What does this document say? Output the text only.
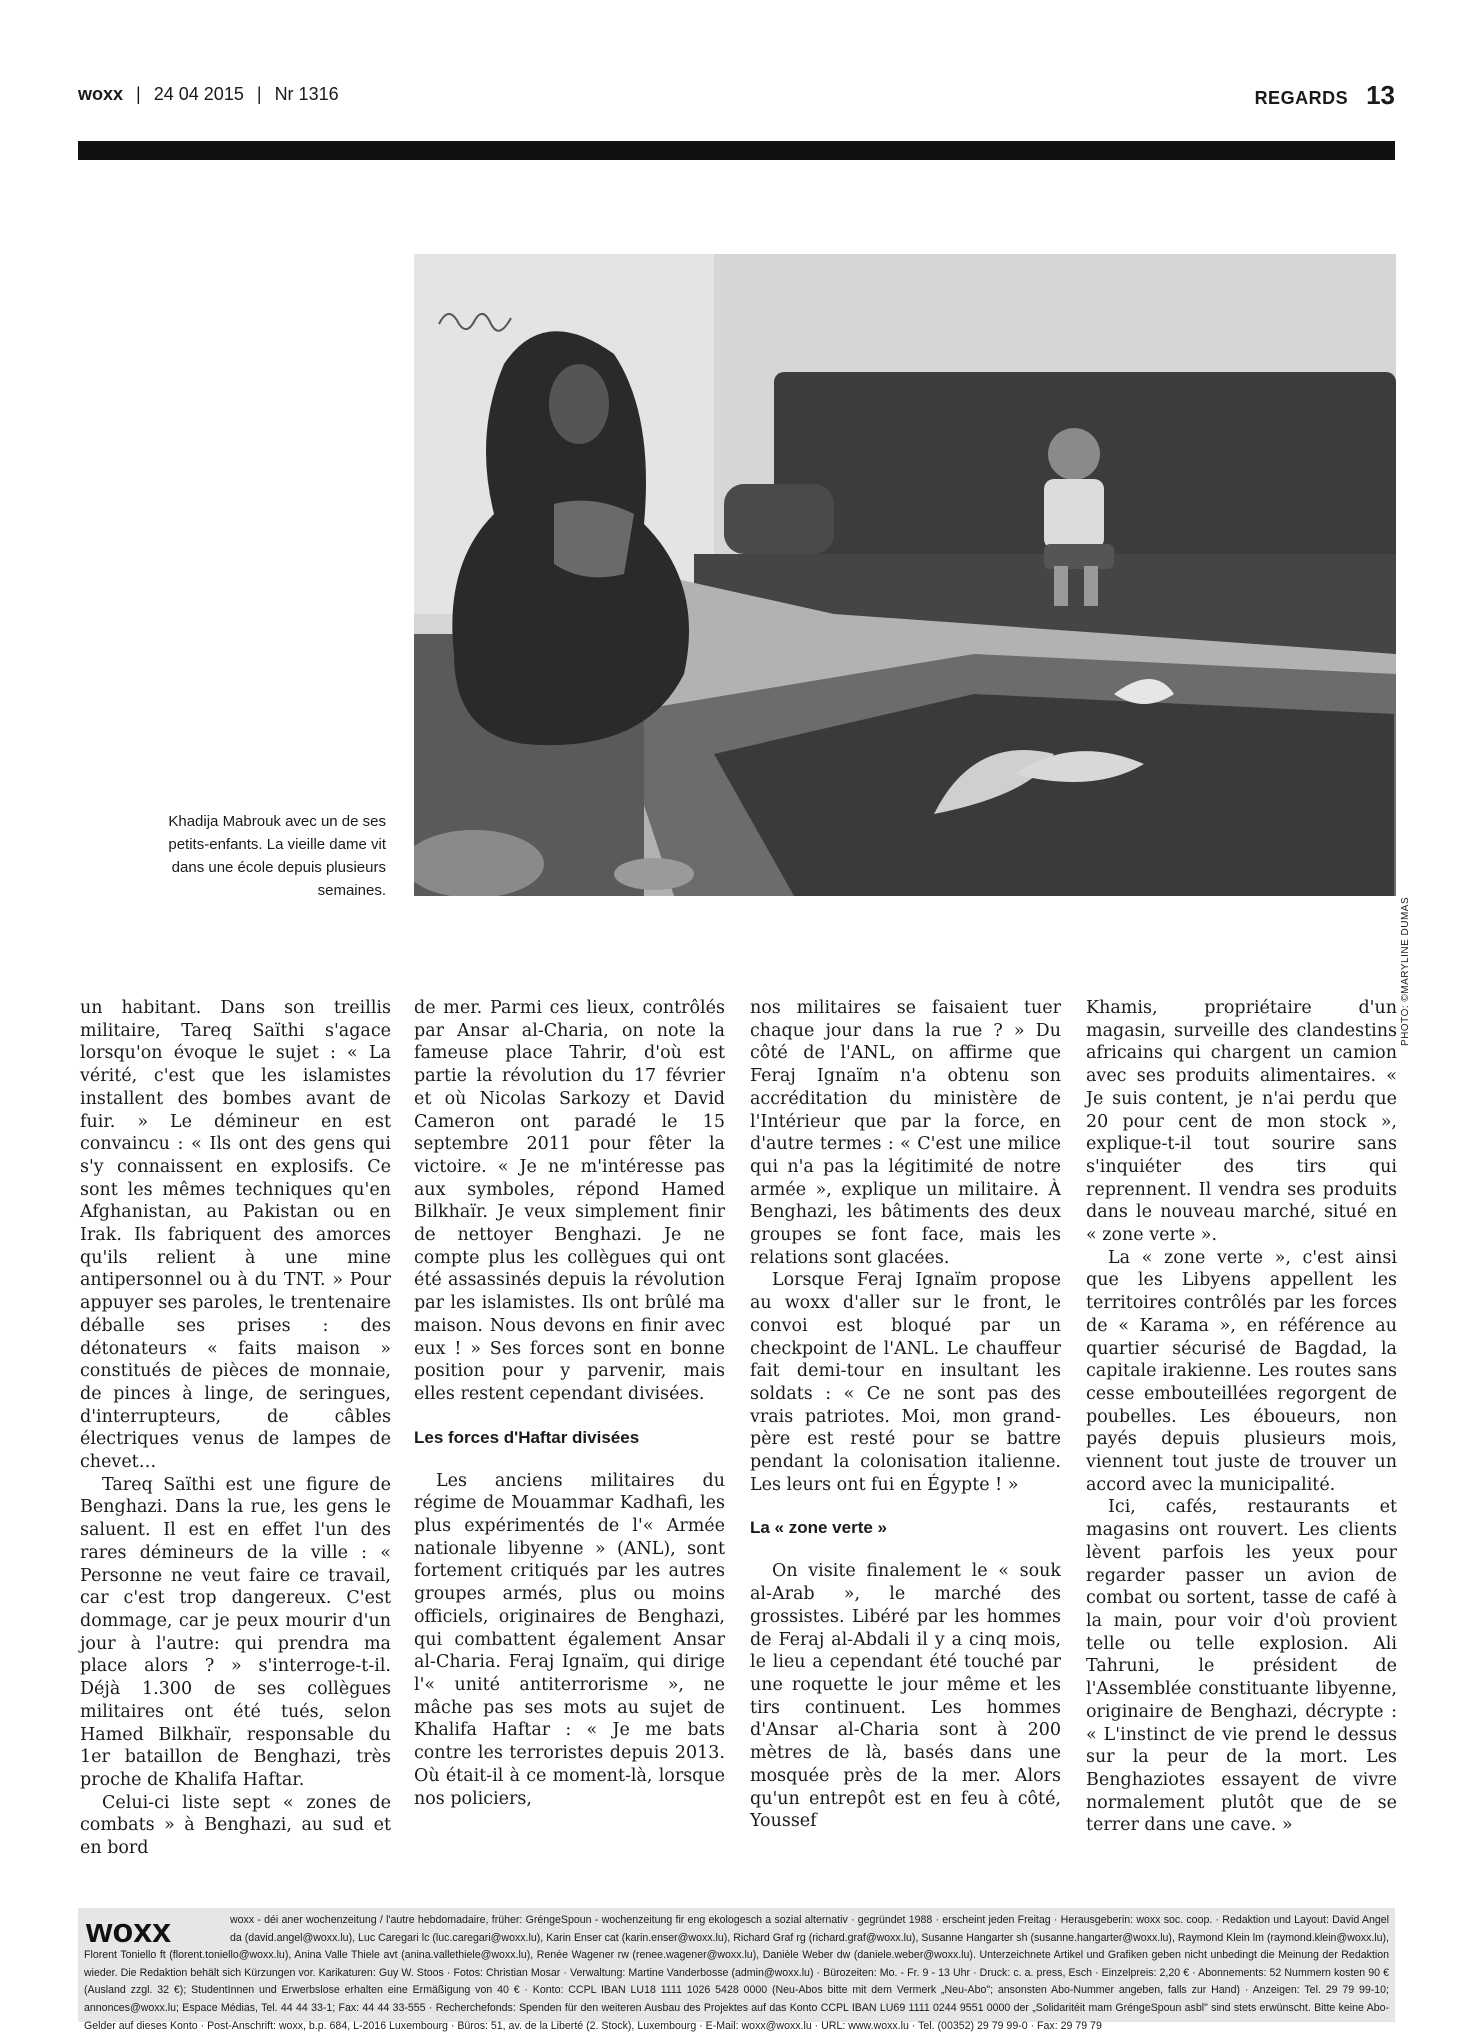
woxx | 24 04 2015 | Nr 1316	REGARDS 13
PHOTO: ©MARYLINE DUMAS
Khadija Mabrouk avec un de ses petits-enfants. La vieille dame vit dans une école depuis plusieurs semaines.

un habitant. Dans son treillis militaire, Tareq Saïthi s'agace lorsqu'on évoque le sujet : « La vérité, c'est que les islamistes installent des bombes avant de fuir. » Le démineur en est convaincu : « Ils ont des gens qui s'y connaissent en explosifs. Ce sont les mêmes techniques qu'en Afghanistan, au Pakistan ou en Irak. Ils fabriquent des amorces qu'ils relient à une mine antipersonnel ou à du TNT. » Pour appuyer ses paroles, le trentenaire déballe ses prises : des détonateurs « faits maison » constitués de pièces de monnaie, de pinces à linge, de seringues, d'interrupteurs, de câbles électriques venus de lampes de chevet…

Tareq Saïthi est une figure de Benghazi. Dans la rue, les gens le saluent. Il est en effet l'un des rares démineurs de la ville : « Personne ne veut faire ce travail, car c'est trop dangereux. C'est dommage, car je peux mourir d'un jour à l'autre: qui prendra ma place alors ? » s'interroge-t-il. Déjà 1.300 de ses collègues militaires ont été tués, selon Hamed Bilkhaïr, responsable du 1er bataillon de Benghazi, très proche de Khalifa Haftar.

Celui-ci liste sept « zones de combats » à Benghazi, au sud et en bord

de mer. Parmi ces lieux, contrôlés par Ansar al-Charia, on note la fameuse place Tahrir, d'où est partie la révolution du 17 février et où Nicolas Sarkozy et David Cameron ont paradé le 15 septembre 2011 pour fêter la victoire. « Je ne m'intéresse pas aux symboles, répond Hamed Bilkhaïr. Je veux simplement finir de nettoyer Benghazi. Je ne compte plus les collègues qui ont été assassinés depuis la révolution par les islamistes. Ils ont brûlé ma maison. Nous devons en finir avec eux ! » Ses forces sont en bonne position pour y parvenir, mais elles restent cependant divisées.

Les forces d'Haftar divisées

Les anciens militaires du régime de Mouammar Kadhafi, les plus expérimentés de l'« Armée nationale libyenne » (ANL), sont fortement critiqués par les autres groupes armés, plus ou moins officiels, originaires de Benghazi, qui combattent également Ansar al-Charia. Feraj Ignaïm, qui dirige l'« unité antiterrorisme », ne mâche pas ses mots au sujet de Khalifa Haftar : « Je me bats contre les terroristes depuis 2013. Où était-il à ce moment-là, lorsque nos policiers,

nos militaires se faisaient tuer chaque jour dans la rue ? » Du côté de l'ANL, on affirme que Feraj Ignaïm n'a obtenu son accréditation du ministère de l'Intérieur que par la force, en d'autre termes : « C'est une milice qui n'a pas la légitimité de notre armée », explique un militaire. À Benghazi, les bâtiments des deux groupes se font face, mais les relations sont glacées.

Lorsque Feraj Ignaïm propose au woxx d'aller sur le front, le convoi est bloqué par un checkpoint de l'ANL. Le chauffeur fait demi-tour en insultant les soldats : « Ce ne sont pas des vrais patriotes. Moi, mon grand-père est resté pour se battre pendant la colonisation italienne. Les leurs ont fui en Égypte ! »

La « zone verte »

On visite finalement le « souk al-Arab », le marché des grossistes. Libéré par les hommes de Feraj al-Abdali il y a cinq mois, le lieu a cependant été touché par une roquette le jour même et les tirs continuent. Les hommes d'Ansar al-Charia sont à 200 mètres de là, basés dans une mosquée près de la mer. Alors qu'un entrepôt est en feu à côté, Youssef

Khamis, propriétaire d'un magasin, surveille des clandestins africains qui chargent un camion avec ses produits alimentaires. « Je suis content, je n'ai perdu que 20 pour cent de mon stock », explique-t-il tout sourire sans s'inquiéter des tirs qui reprennent. Il vendra ses produits dans le nouveau marché, situé en « zone verte ».

La « zone verte », c'est ainsi que les Libyens appellent les territoires contrôlés par les forces de « Karama », en référence au quartier sécurisé de Bagdad, la capitale irakienne. Les routes sans cesse embouteillées regorgent de poubelles. Les éboueurs, non payés depuis plusieurs mois, viennent tout juste de trouver un accord avec la municipalité.

Ici, cafés, restaurants et magasins ont rouvert. Les clients lèvent parfois les yeux pour regarder passer un avion de combat ou sortent, tasse de café à la main, pour voir d'où provient telle ou telle explosion. Ali Tahruni, le président de l'Assemblée constituante libyenne, originaire de Benghazi, décrypte : « L'instinct de vie prend le dessus sur la peur de la mort. Les Benghaziotes essayent de vivre normalement plutôt que de se terrer dans une cave. »

woxx	woxx - déi aner wochenzeitung / l'autre hebdomadaire, früher: GréngeSpoun - wochenzeitung fir eng ekologesch a sozial alternativ · gegründet 1988 · erscheint jeden Freitag · Herausgeberin: woxx soc. coop. · Redaktion und Layout: David Angel da (david.angel@woxx.lu), Luc Caregari lc (luc.caregari@woxx.lu), Karin Enser cat (karin.enser@woxx.lu), Richard Graf rg (richard.graf@woxx.lu), Susanne Hangarter sh (susanne.hangarter@woxx.lu), Raymond Klein lm (raymond.klein@woxx.lu), Florent Toniello ft (florent.toniello@woxx.lu), Anina Valle Thiele avt (anina.vallethiele@woxx.lu), Renée Wagener rw (renee.wagener@woxx.lu), Danièle Weber dw (daniele.weber@woxx.lu). Unterzeichnete Artikel und Grafiken geben nicht unbedingt die Meinung der Redaktion wieder. Die Redaktion behält sich Kürzungen vor. Karikaturen: Guy W. Stoos · Fotos: Christian Mosar · Verwaltung: Martine Vanderbosse (admin@woxx.lu) · Bürozeiten: Mo. - Fr. 9 - 13 Uhr · Druck: c. a. press, Esch · Einzelpreis: 2,20 € · Abonnements: 52 Nummern kosten 90 € (Ausland zzgl. 32 €); StudentInnen und Erwerbslose erhalten eine Ermäßigung von 40 € · Konto: CCPL IBAN LU18 1111 1026 5428 0000 (Neu-Abos bitte mit dem Vermerk „Neu-Abo"; ansonsten Abo-Nummer angeben, falls zur Hand) · Anzeigen: Tel. 29 79 99-10; annonces@woxx.lu; Espace Médias, Tel. 44 44 33-1; Fax: 44 44 33-555 · Recherchefonds: Spenden für den weiteren Ausbau des Projektes auf das Konto CCPL IBAN LU69 1111 0244 9551 0000 der „Solidaritéit mam GréngeSpoun asbl" sind stets erwünscht. Bitte keine Abo-Gelder auf dieses Konto · Post-Anschrift: woxx, b.p. 684, L-2016 Luxembourg · Büros: 51, av. de la Liberté (2. Stock), Luxembourg · E-Mail: woxx@woxx.lu · URL: www.woxx.lu · Tel. (00352) 29 79 99-0 · Fax: 29 79 79
